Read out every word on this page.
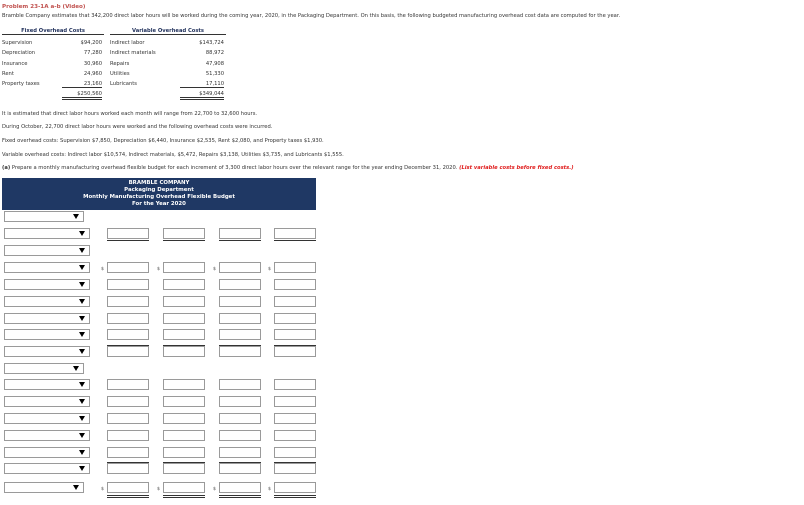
Problem 23-1A a-b (Video)
Bramble Company estimates that 342,200 direct labor hours will be worked during the coming year, 2020, in the Packaging Department. On this basis, the following budgeted manufacturing overhead cost data are computed for the year.
Fixed Overhead Costs
Supervision	$94,200
Depreciation	77,280
Insurance	30,960
Rent	24,960
Property taxes	23,160
$250,560
Variable Overhead Costs
Indirect labor	$143,724
Indirect materials	88,972
Repairs	47,908
Utilities	51,330
Lubricants	17,110
$349,044
It is estimated that direct labor hours worked each month will range from 22,700 to 32,600 hours.
During October, 22,700 direct labor hours were worked and the following overhead costs were incurred.
Fixed overhead costs: Supervision $7,850, Depreciation $6,440, Insurance $2,535, Rent $2,080, and Property taxes $1,930.
Variable overhead costs: Indirect labor $10,574, Indirect materials, $5,472, Repairs $3,138, Utilities $3,735, and Lubricants $1,555.
(a) Prepare a monthly manufacturing overhead flexible budget for each increment of 3,300 direct labor hours over the relevant range for the year ending December 31, 2020. (List variable costs before fixed costs.)
BRAMBLE COMPANY
Packaging Department
Monthly Manufacturing Overhead Flexible Budget
For the Year 2020
$	$	$	$
$	$	$	$
